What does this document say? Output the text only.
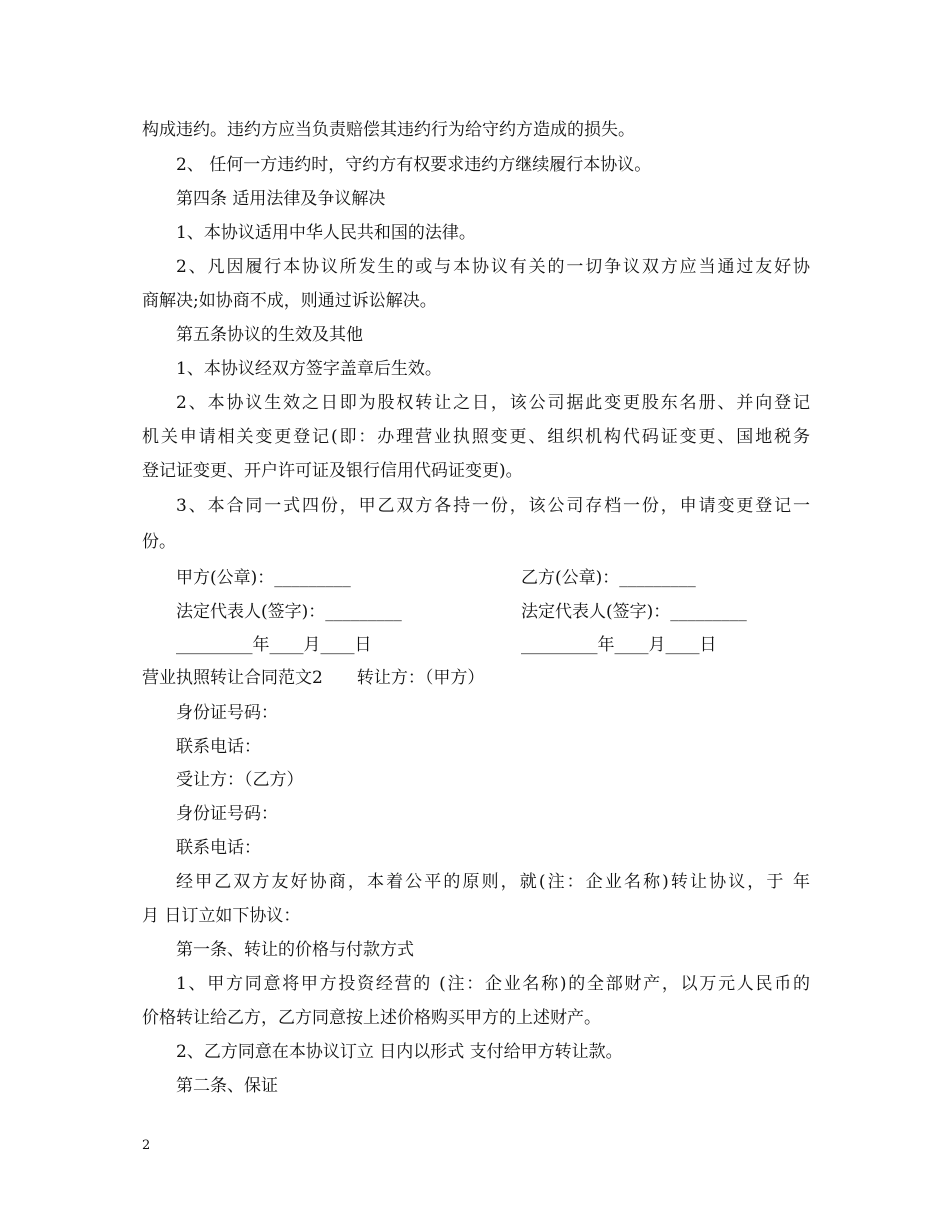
构成违约。违约方应当负责赔偿其违约行为给守约方造成的损失。
2、 任何一方违约时，守约方有权要求违约方继续履行本协议。
第四条 适用法律及争议解决
1、本协议适用中华人民共和国的法律。
2、凡因履行本协议所发生的或与本协议有关的一切争议双方应当通过友好协
商解决;如协商不成，则通过诉讼解决。
第五条协议的生效及其他
1、本协议经双方签字盖章后生效。
2、本协议生效之日即为股权转让之日，该公司据此变更股东名册、并向登记
机关申请相关变更登记(即：办理营业执照变更、组织机构代码证变更、国地税务
登记证变更、开户许可证及银行信用代码证变更)。
3、本合同一式四份，甲乙双方各持一份，该公司存档一份，申请变更登记一
份。
甲方(公章)：_________	乙方(公章)：_________
法定代表人(签字)：_________	法定代表人(签字)：_________
_________年____月____日	_________年____月____日
营业执照转让合同范文2　　转让方：（甲方）
身份证号码：
联系电话：
受让方：（乙方）
身份证号码：
联系电话：
经甲乙双方友好协商，本着公平的原则，就(注：企业名称)转让协议，于 年
月 日订立如下协议：
第一条、转让的价格与付款方式
1、甲方同意将甲方投资经营的 (注：企业名称)的全部财产，以万元人民币的
价格转让给乙方，乙方同意按上述价格购买甲方的上述财产。
2、乙方同意在本协议订立 日内以形式 支付给甲方转让款。
第二条、保证
2
